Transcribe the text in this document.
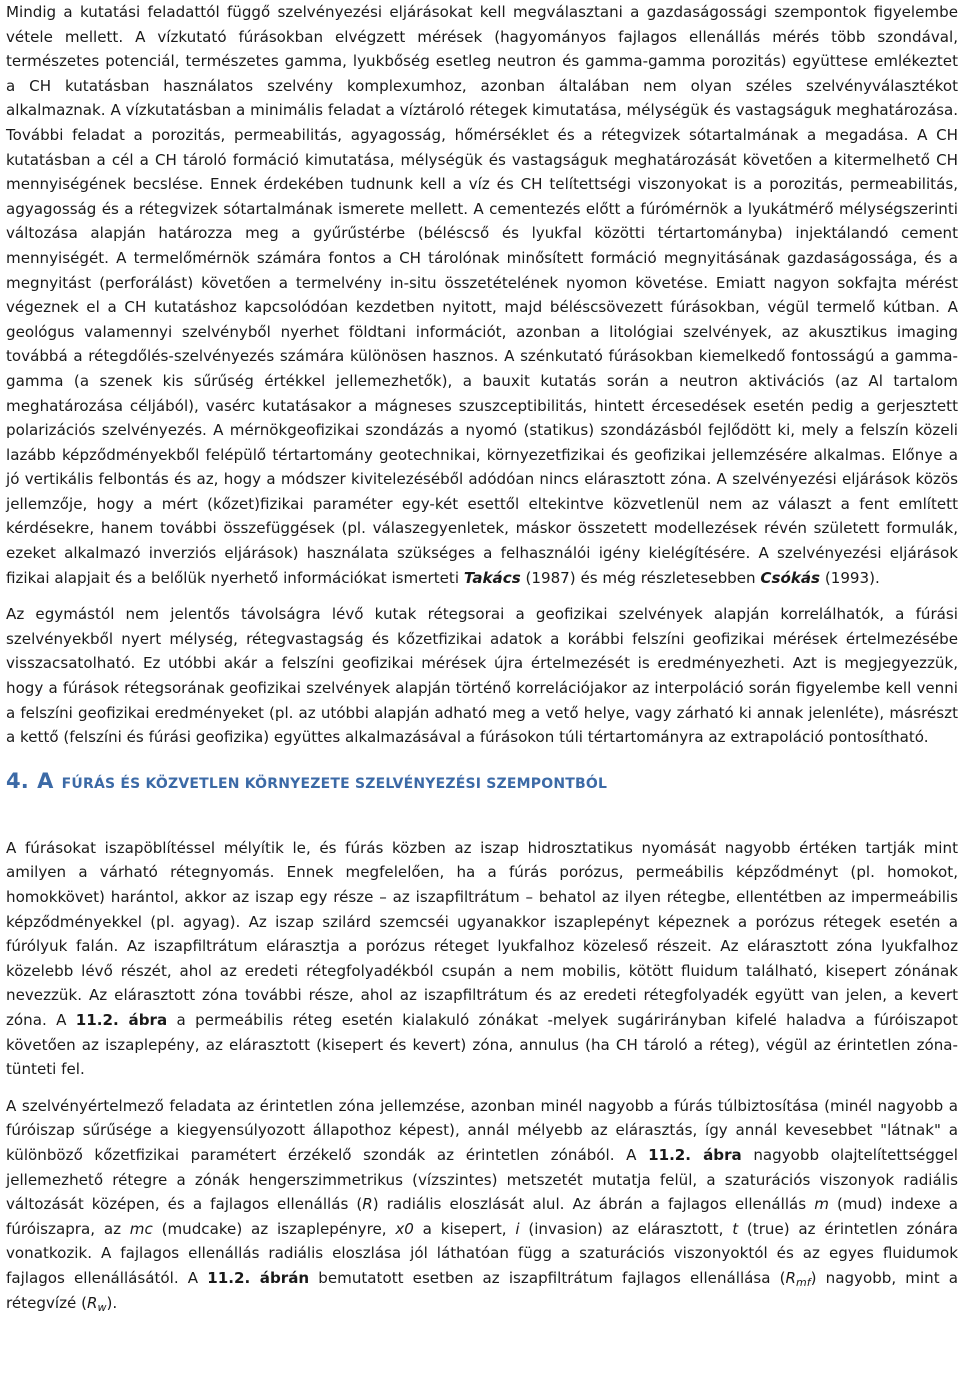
Mindig a kutatási feladattól függő szelvényezési eljárásokat kell megválasztani a gazdaságossági szempontok figyelembe vétele mellett. A vízkutató fúrásokban elvégzett mérések (hagyományos fajlagos ellenállás mérés több szondával, természetes potenciál, természetes gamma, lyukbőség esetleg neutron és gamma-gamma porozitás) együttese emlékeztet a CH kutatásban használatos szelvény komplexumhoz, azonban általában nem olyan széles szelvényválasztékot alkalmaznak. A vízkutatásban a minimális feladat a víztároló rétegek kimutatása, mélységük és vastagságuk meghatározása. További feladat a porozitás, permeabilitás, agyagosság, hőmérséklet és a rétegvizek sótartalmának a megadása. A CH kutatásban a cél a CH tároló formáció kimutatása, mélységük és vastagságuk meghatározását követően a kitermelhető CH mennyiségének becslése. Ennek érdekében tudnunk kell a víz és CH telítettségi viszonyokat is a porozitás, permeabilitás, agyagosság és a rétegvizek sótartalmának ismerete mellett. A cementezés előtt a fúrómérnök a lyukátmérő mélységszerinti változása alapján határozza meg a gyűrűstérbe (béléscső és lyukfal közötti tértartományba) injektálandó cement mennyiségét. A termelőmérnök számára fontos a CH tárolónak minősített formáció megnyitásának gazdaságossága, és a megnyitást (perforálást) követően a termelvény in-situ összetételének nyomon követése. Emiatt nagyon sokfajta mérést végeznek el a CH kutatáshoz kapcsolódóan kezdetben nyitott, majd béléscsövezett fúrásokban, végül termelő kútban. A geológus valamennyi szelvényből nyerhet földtani információt, azonban a litológiai szelvények, az akusztikus imaging továbbá a rétegdőlés-szelvényezés számára különösen hasznos. A szénkutató fúrásokban kiemelkedő fontosságú a gamma-gamma (a szenek kis sűrűség értékkel jellemezhetők), a bauxit kutatás során a neutron aktivációs (az Al tartalom meghatározása céljából), vasérc kutatásakor a mágneses szuszceptibilitás, hintett ércesedések esetén pedig a gerjesztett polarizációs szelvényezés. A mérnökgeofizikai szondázás a nyomó (statikus) szondázásból fejlődött ki, mely a felszín közeli lazább képződményekből felépülő tértartomány geotechnikai, környezetfizikai és geofizikai jellemzésére alkalmas. Előnye a jó vertikális felbontás és az, hogy a módszer kivitelezéséből adódóan nincs elárasztott zóna. A szelvényezési eljárások közös jellemzője, hogy a mért (kőzet)fizikai paraméter egy-két esettől eltekintve közvetlenül nem az választ a fent említett kérdésekre, hanem további összefüggések (pl. válaszegyenletek, máskor összetett modellezések révén született formulák, ezeket alkalmazó inverziós eljárások) használata szükséges a felhasználói igény kielégítésére. A szelvényezési eljárások fizikai alapjait és a belőlük nyerhető információkat ismerteti Takács (1987) és még részletesebben Csókás (1993).

Az egymástól nem jelentős távolságra lévő kutak rétegsorai a geofizikai szelvények alapján korrelálhatók, a fúrási szelvényekből nyert mélység, rétegvastagság és kőzetfizikai adatok a korábbi felszíni geofizikai mérések értelmezésébe visszacsatolható. Ez utóbbi akár a felszíni geofizikai mérések újra értelmezését is eredményezheti. Azt is megjegyezzük, hogy a fúrások rétegsorának geofizikai szelvények alapján történő korrelációjakor az interpoláció során figyelembe kell venni a felszíni geofizikai eredményeket (pl. az utóbbi alapján adható meg a vető helye, vagy zárható ki annak jelenléte), másrészt a kettő (felszíni és fúrási geofizika) együttes alkalmazásával a fúrásokon túli tértartományra az extrapoláció pontosítható.

4. A FÚRÁS ÉS KÖZVETLEN KÖRNYEZETE SZELVÉNYEZÉSI SZEMPONTBÓL

A fúrásokat iszapöblítéssel mélyítik le, és fúrás közben az iszap hidrosztatikus nyomását nagyobb értéken tartják mint amilyen a várható rétegnyomás. Ennek megfelelően, ha a fúrás porózus, permeábilis képződményt (pl. homokot, homokkövet) harántol, akkor az iszap egy része – az iszapfiltrátum – behatol az ilyen rétegbe, ellentétben az impermeábilis képződményekkel (pl. agyag). Az iszap szilárd szemcséi ugyanakkor iszaplepényt képeznek a porózus rétegek esetén a fúrólyuk falán. Az iszapfiltrátum elárasztja a porózus réteget lyukfalhoz közeleső részeit. Az elárasztott zóna lyukfalhoz közelebb lévő részét, ahol az eredeti rétegfolyadékból csupán a nem mobilis, kötött fluidum található, kisepert zónának nevezzük. Az elárasztott zóna további része, ahol az iszapfiltrátum és az eredeti rétegfolyadék együtt van jelen, a kevert zóna. A 11.2. ábra a permeábilis réteg esetén kialakuló zónákat -melyek sugárirányban kifelé haladva a fúróiszapot követően az iszaplepény, az elárasztott (kisepert és kevert) zóna, annulus (ha CH tároló a réteg), végül az érintetlen zóna- tünteti fel.

A szelvényértelmező feladata az érintetlen zóna jellemzése, azonban minél nagyobb a fúrás túlbiztosítása (minél nagyobb a fúróiszap sűrűsége a kiegyensúlyozott állapothoz képest), annál mélyebb az elárasztás, így annál kevesebbet "látnak" a különböző kőzetfizikai paramétert érzékelő szondák az érintetlen zónából. A 11.2. ábra nagyobb olajtelítettséggel jellemezhető rétegre a zónák hengerszimmetrikus (vízszintes) metszetét mutatja felül, a szaturációs viszonyok radiális változását középen, és a fajlagos ellenállás (R) radiális eloszlását alul. Az ábrán a fajlagos ellenállás m (mud) indexe a fúróiszapra, az mc (mudcake) az iszaplepényre, x0 a kisepert, i (invasion) az elárasztott, t (true) az érintetlen zónára vonatkozik. A fajlagos ellenállás radiális eloszlása jól láthatóan függ a szaturációs viszonyoktól és az egyes fluidumok fajlagos ellenállásától. A 11.2. ábrán bemutatott esetben az iszapfiltrátum fajlagos ellenállása $(R_{mf})$ nagyobb, mint a rétegvízé $(R_w)$.
